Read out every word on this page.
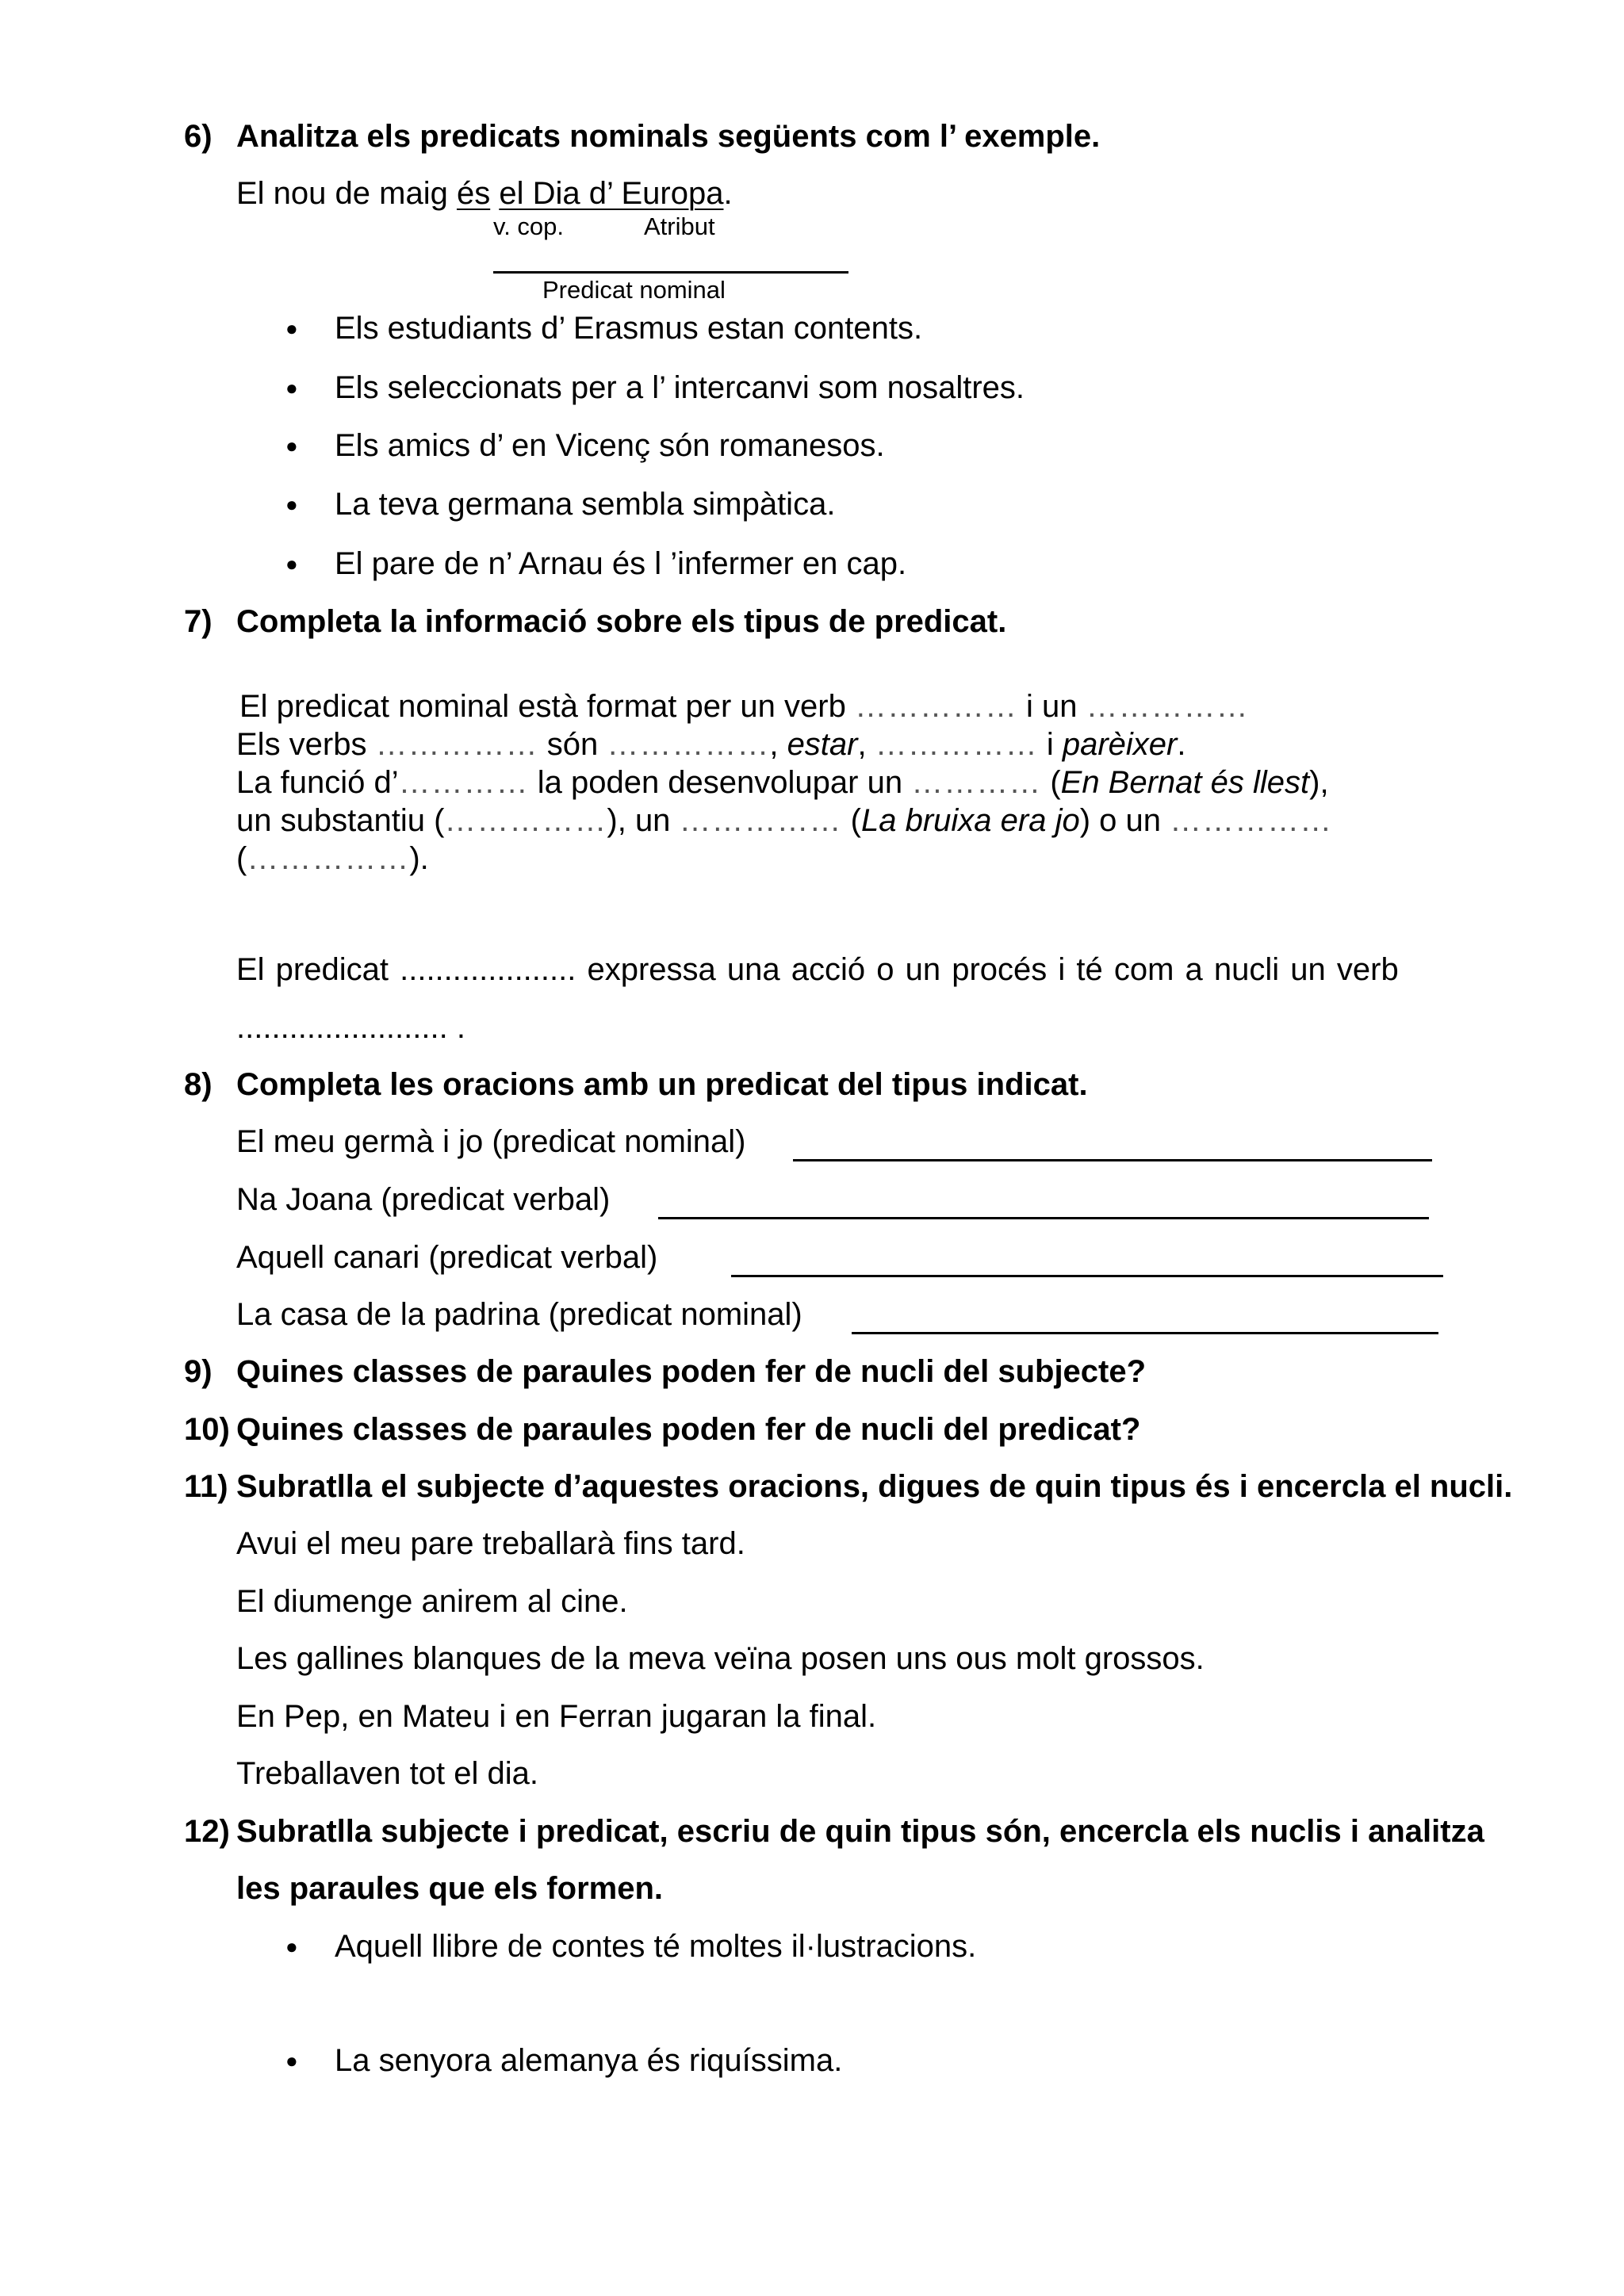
6) Analitza els predicats nominals següents com l’ exemple.
El nou de maig és el Dia d’ Europa.
v. cop.	Atribut
Predicat nominal
● Els estudiants d’ Erasmus estan contents.
● Els seleccionats per a l’ intercanvi som nosaltres.
● Els amics d’ en Vicenç són romanesos.
● La teva germana sembla simpàtica.
● El pare de n’ Arnau és l ’infermer en cap.
7) Completa la informació sobre els tipus de predicat.
El predicat nominal està format per un verb …………… i un ……………
Els verbs …………… són ……………, estar, …………… i parèixer.
La funció d’………… la poden desenvolupar un ………… (En Bernat és llest),
un substantiu (……………), un …………… (La bruixa era jo) o un ……………
(……………).
El predicat .................... expressa una acció o un procés i té com a nucli un verb
........................ .
8) Completa les oracions amb un predicat del tipus indicat.
El meu germà i jo (predicat nominal)
Na Joana (predicat verbal)
Aquell canari (predicat verbal)
La casa de la padrina (predicat nominal)
9) Quines classes de paraules poden fer de nucli del subjecte?
10) Quines classes de paraules poden fer de nucli del predicat?
11) Subratlla el subjecte d’aquestes oracions, digues de quin tipus és i encercla el nucli.
Avui el meu pare treballarà fins tard.
El diumenge anirem al cine.
Les gallines blanques de la meva veïna posen uns ous molt grossos.
En Pep, en Mateu i en Ferran jugaran la final.
Treballaven tot el dia.
12) Subratlla subjecte i predicat, escriu de quin tipus són, encercla els nuclis i analitza
les paraules que els formen.
● Aquell llibre de contes té moltes il·lustracions.
● La senyora alemanya és riquíssima.
